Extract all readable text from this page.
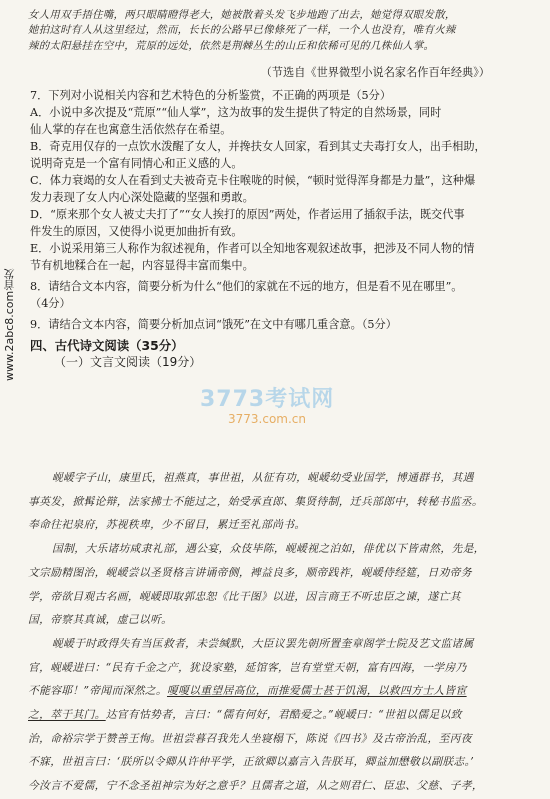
www.2abc8.com首发

女人用双手捂住嘴，两只眼睛瞪得老大，她被散着头发飞步地跑了出去，她觉得双眼发散，

她拍这时有人从这里经过，然而，长长的公路早已像條死了一样，一个人也没有，唯有火辣

辣的太阳悬挂在空中，荒原的远处，依然是荆棘丛生的山丘和依稀可见的几株仙人掌。

（节选自《世界微型小说名家名作百年经典》）

7．下列对小说相关内容和艺术特色的分析鉴赏，不正确的两项是（5分）

A．小说中多次提及“荒原”“仙人掌”，这为故事的发生提供了特定的自然场景，同时

仙人掌的存在也寓意生活依然存在希望。

B．奇克用仅存的一点饮水泼醒了女人，并搀扶女人回家，看到其丈夫毒打女人，出手相助，

说明奇克是一个富有同情心和正义感的人。

C．体力衰竭的女人在看到丈夫被奇克卡住喉咙的时候，“顿时觉得浑身都是力量”，这种爆

发力表现了女人内心深处隐藏的坚强和勇敢。

D．“原来那个女人被丈夫打了”“女人挨打的原因”两处，作者运用了插叙手法，既交代事

件发生的原因，又使得小说更加曲折有致。

E．小说采用第三人称作为叙述视角，作者可以全知地客观叙述故事，把涉及不同人物的情

节有机地糅合在一起，内容显得丰富而集中。

8．请结合文本内容，简要分析为什么“他们的家就在不远的地方，但是看不见在哪里”。

（4分）

9．请结合文本内容，简要分析加点词“饿死”在文中有哪几重含意。（5分）

四、古代诗文阅读（35分）

（一）文言文阅读（19分）

3773考试网
3773.com.cn

岘嵈字子山，康里氏，祖燕真，事世祖，从征有功，岘嵈幼受业国学，博通群书，其遇

事英发，掀髯论辩，法家拂士不能过之，始受承直郎、集贤待制，迁兵部郎中，转秘书监丞。

奉命往祀泉府，苏视秩卑，少不留目，累迁至礼部尚书。

国制，大乐诸坊咸隶礼部，遇公宴，众伎毕陈，岘嵈视之泊如，俳优以下皆肃然，先是，

文宗励精图治，岘嵈尝以圣贤格言讲诵帝侧，裨益良多，顺帝践祚，岘嵈侍经筵，日劝帝务

学，帝欲目观古名画，岘嵈即取郭忠恕《比干图》以进，因言商王不听忠臣之谏，遂亡其

国，帝察其真诚，虚己以听。

岘嵈于时政得失有当匡救者，未尝缄默，大臣议罢先朝所置奎章阁学士院及艺文监诸属

官，岘嵈进曰：“民有千金之产，犹设家塾，延馆客，岂有堂堂天朝，富有四海，一学房乃

不能容耶！”帝闻而深然之。嗄嗄以重望居高位，而推爱儒士甚于饥渴，以救四方士人皆宦

之，萃于其门。达官有怙势者，言曰：“儒有何好，君酷爱之。”岘嵈曰：“世祖以儒足以致

治，命裕宗学于赞善王恂。世祖尝暮召我先人坐寝榻下，陈说《四书》及古帝治乱，至丙夜

不寐，世祖言曰：‘朕所以令卿从许仲平学，正欲卿以嘉言入告朕耳，卿益加懋敬以副朕志。’

今汝言不爱儒，宁不念圣祖神宗为好之意乎？且儒者之道，从之则君仁、臣忠、父慈、子孝，
